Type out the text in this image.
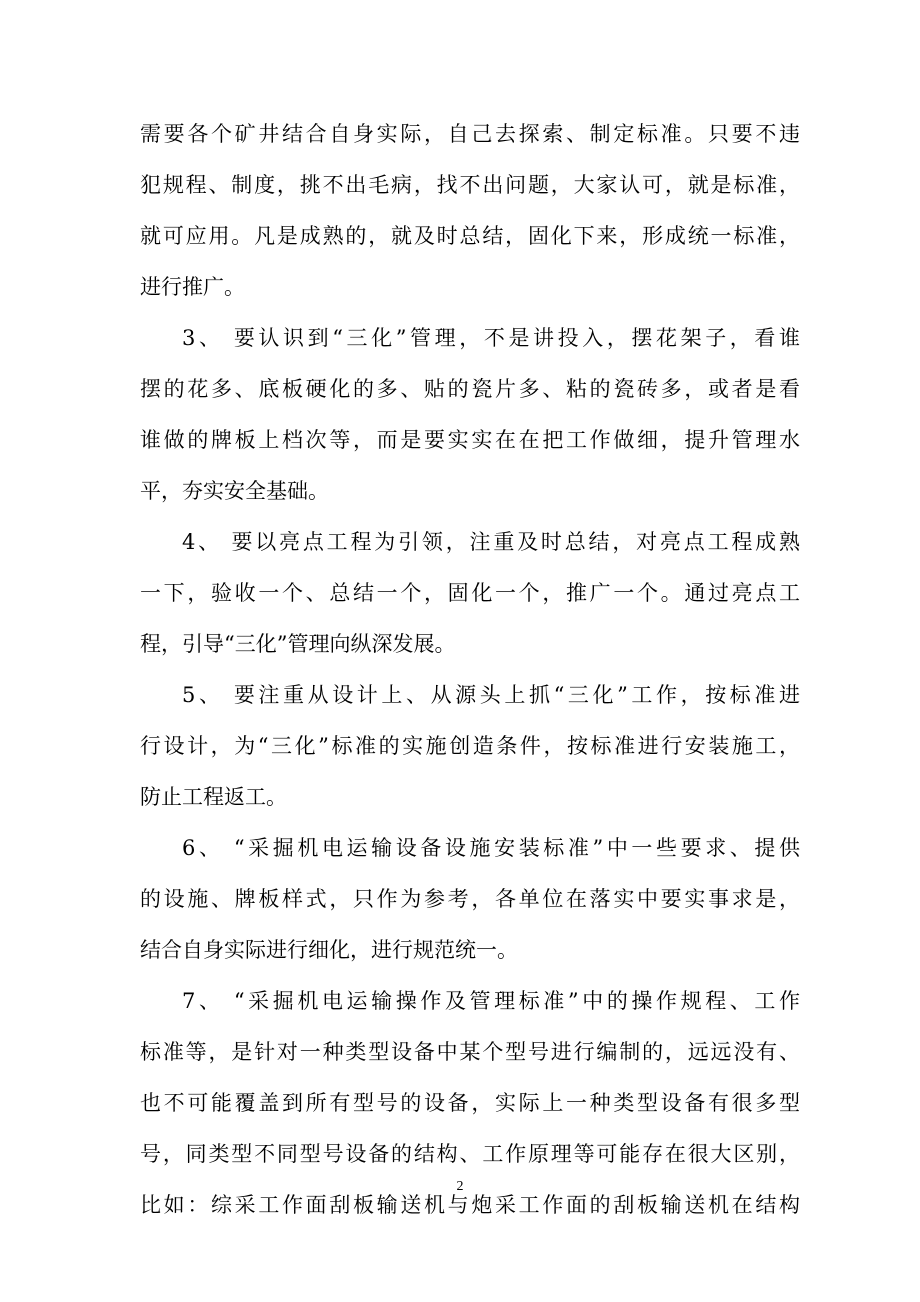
需要各个矿井结合自身实际，自己去探索、制定标准。只要不违
犯规程、制度，挑不出毛病，找不出问题，大家认可，就是标准，
就可应用。凡是成熟的，就及时总结，固化下来，形成统一标准，
进行推广。
3、 要认识到“三化”管理，不是讲投入，摆花架子，看谁
摆的花多、底板硬化的多、贴的瓷片多、粘的瓷砖多，或者是看
谁做的牌板上档次等，而是要实实在在把工作做细，提升管理水
平，夯实安全基础。
4、 要以亮点工程为引领，注重及时总结，对亮点工程成熟
一下，验收一个、总结一个，固化一个，推广一个。通过亮点工
程，引导“三化”管理向纵深发展。
5、 要注重从设计上、从源头上抓“三化”工作，按标准进
行设计，为“三化”标准的实施创造条件，按标准进行安装施工，
防止工程返工。
6、 “采掘机电运输设备设施安装标准”中一些要求、提供
的设施、牌板样式，只作为参考，各单位在落实中要实事求是，
结合自身实际进行细化，进行规范统一。
7、 “采掘机电运输操作及管理标准”中的操作规程、工作
标准等，是针对一种类型设备中某个型号进行编制的，远远没有、
也不可能覆盖到所有型号的设备，实际上一种类型设备有很多型
号，同类型不同型号设备的结构、工作原理等可能存在很大区别，
比如：综采工作面刮板输送机与炮采工作面的刮板输送机在结构
2
